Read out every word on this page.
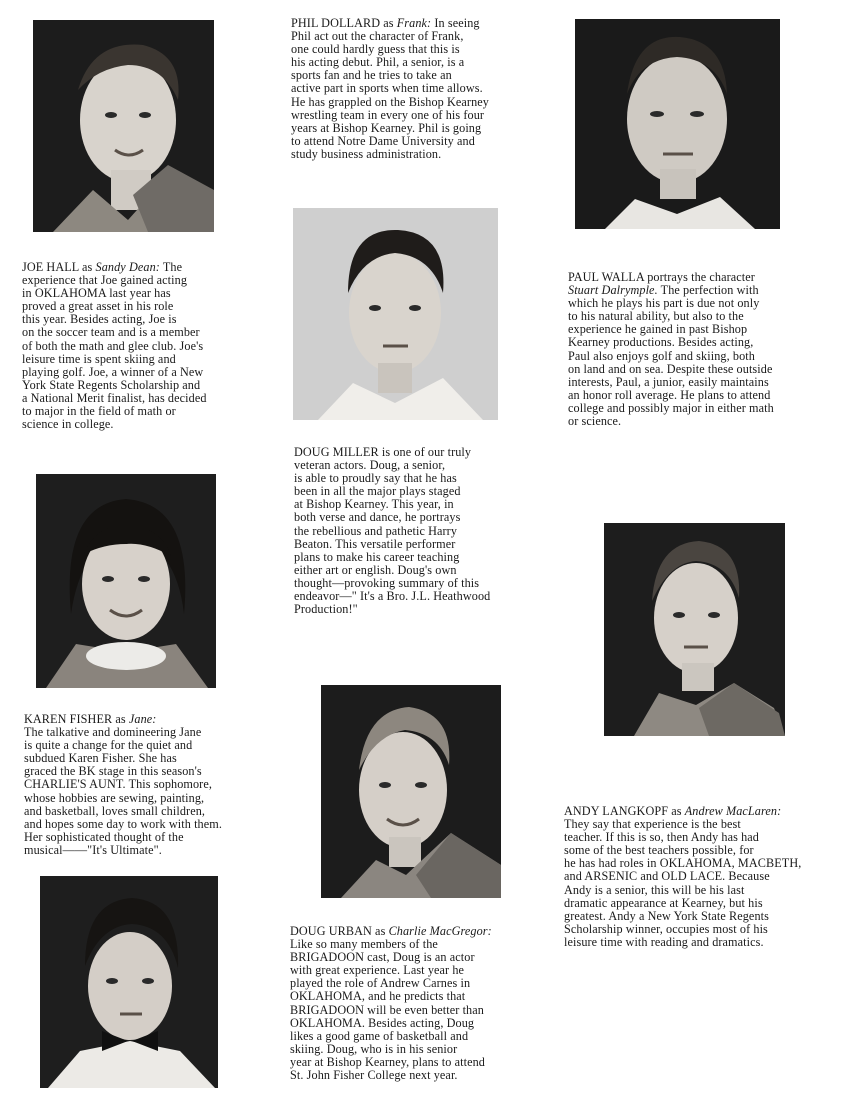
JOE HALL as Sandy Dean: The
experience that Joe gained acting
in OKLAHOMA last year has
proved a great asset in his role
this year. Besides acting, Joe is
on the soccer team and is a member
of both the math and glee club. Joe's
leisure time is spent skiing and
playing golf. Joe, a winner of a New
York State Regents Scholarship and
a National Merit finalist, has decided
to major in the field of math or
science in college.
PHIL DOLLARD as Frank: In seeing
Phil act out the character of Frank,
one could hardly guess that this is
his acting debut. Phil, a senior, is a
sports fan and he tries to take an
active part in sports when time allows.
He has grappled on the Bishop Kearney
wrestling team in every one of his four
years at Bishop Kearney. Phil is going
to attend Notre Dame University and
study business administration.
PAUL WALLA portrays the character
Stuart Dalrymple. The perfection with
which he plays his part is due not only
to his natural ability, but also to the
experience he gained in past Bishop
Kearney productions. Besides acting,
Paul also enjoys golf and skiing, both
on land and on sea. Despite these outside
interests, Paul, a junior, easily maintains
an honor roll average. He plans to attend
college and possibly major in either math
or science.
DOUG MILLER is one of our truly
veteran actors. Doug, a senior,
is able to proudly say that he has
been in all the major plays staged
at Bishop Kearney. This year, in
both verse and dance, he portrays
the rebellious and pathetic Harry
Beaton. This versatile performer
plans to make his career teaching
either art or english. Doug's own
thought—provoking summary of this
endeavor—" It's a Bro. J.L. Heathwood
Production!"
KAREN FISHER as Jane:
The talkative and domineering Jane
is quite a change for the quiet and
subdued Karen Fisher. She has
graced the BK stage in this season's
CHARLIE'S AUNT. This sophomore,
whose hobbies are sewing, painting,
and basketball, loves small children,
and hopes some day to work with them.
Her sophisticated thought of the
musical——"It's Ultimate".
ANDY LANGKOPF as Andrew MacLaren:
They say that experience is the best
teacher. If this is so, then Andy has had
some of the best teachers possible, for
he has had roles in OKLAHOMA, MACBETH,
and ARSENIC and OLD LACE. Because
Andy is a senior, this will be his last
dramatic appearance at Kearney, but his
greatest. Andy a New York State Regents
Scholarship winner, occupies most of his
leisure time with reading and dramatics.
DOUG URBAN as Charlie MacGregor:
Like so many members of the
BRIGADOON cast, Doug is an actor
with great experience. Last year he
played the role of Andrew Carnes in
OKLAHOMA, and he predicts that
BRIGADOON will be even better than
OKLAHOMA. Besides acting, Doug
likes a good game of basketball and
skiing. Doug, who is in his senior
year at Bishop Kearney, plans to attend
St. John Fisher College next year.
